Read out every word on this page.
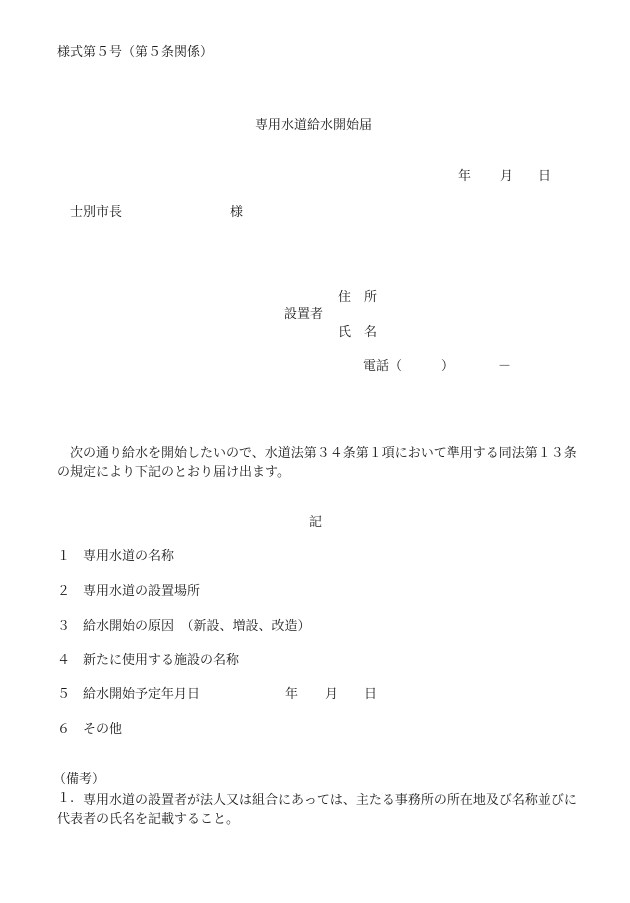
様式第５号（第５条関係）
専用水道給水開始届
年 月 日
士別市長	様
住　所
設置者
氏　名
電話（	）	－
次の通り給水を開始したいので、水道法第３４条第１項において準用する同法第１３条の規定により下記のとおり届け出ます。
記
１ 専用水道の名称
２ 専用水道の設置場所
３ 給水開始の原因　（新設、増設、改造）
４ 新たに使用する施設の名称
５ 給水開始予定年月日	年 月 日
６ その他
（備考）
１. 専用水道の設置者が法人又は組合にあっては、主たる事務所の所在地及び名称並びに代表者の氏名を記載すること。
